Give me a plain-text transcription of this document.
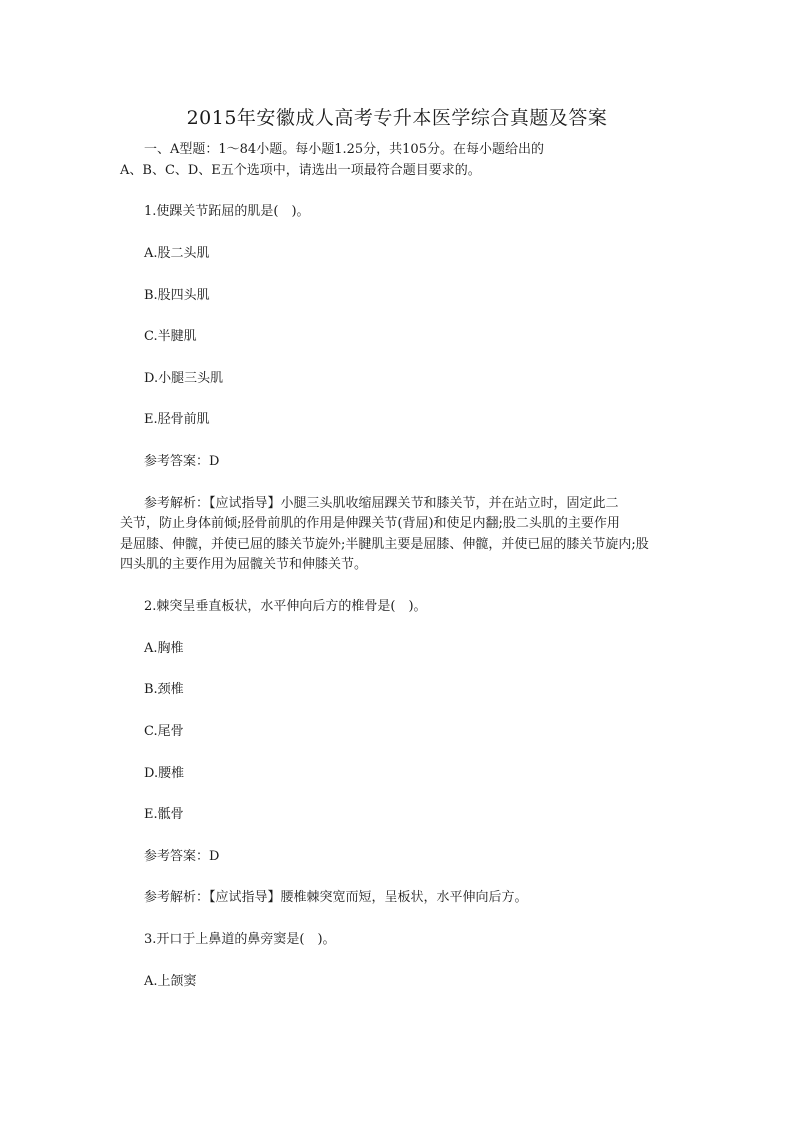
2015年安徽成人高考专升本医学综合真题及答案
一、A型题：1～84小题。每小题1.25分，共105分。在每小题给出的
A、B、C、D、E五个选项中，请选出一项最符合题目要求的。
1.使踝关节跖屈的肌是(　)。
A.股二头肌
B.股四头肌
C.半腱肌
D.小腿三头肌
E.胫骨前肌
参考答案：D
参考解析：【应试指导】小腿三头肌收缩屈踝关节和膝关节，并在站立时，固定此二
关节，防止身体前倾;胫骨前肌的作用是伸踝关节(背屈)和使足内翻;股二头肌的主要作用
是屈膝、伸髋，并使已屈的膝关节旋外;半腱肌主要是屈膝、伸髋，并使已屈的膝关节旋内;股
四头肌的主要作用为屈髋关节和伸膝关节。
2.棘突呈垂直板状，水平伸向后方的椎骨是(　)。
A.胸椎
B.颈椎
C.尾骨
D.腰椎
E.骶骨
参考答案：D
参考解析：【应试指导】腰椎棘突宽而短，呈板状，水平伸向后方。
3.开口于上鼻道的鼻旁窦是(　)。
A.上颌窦
